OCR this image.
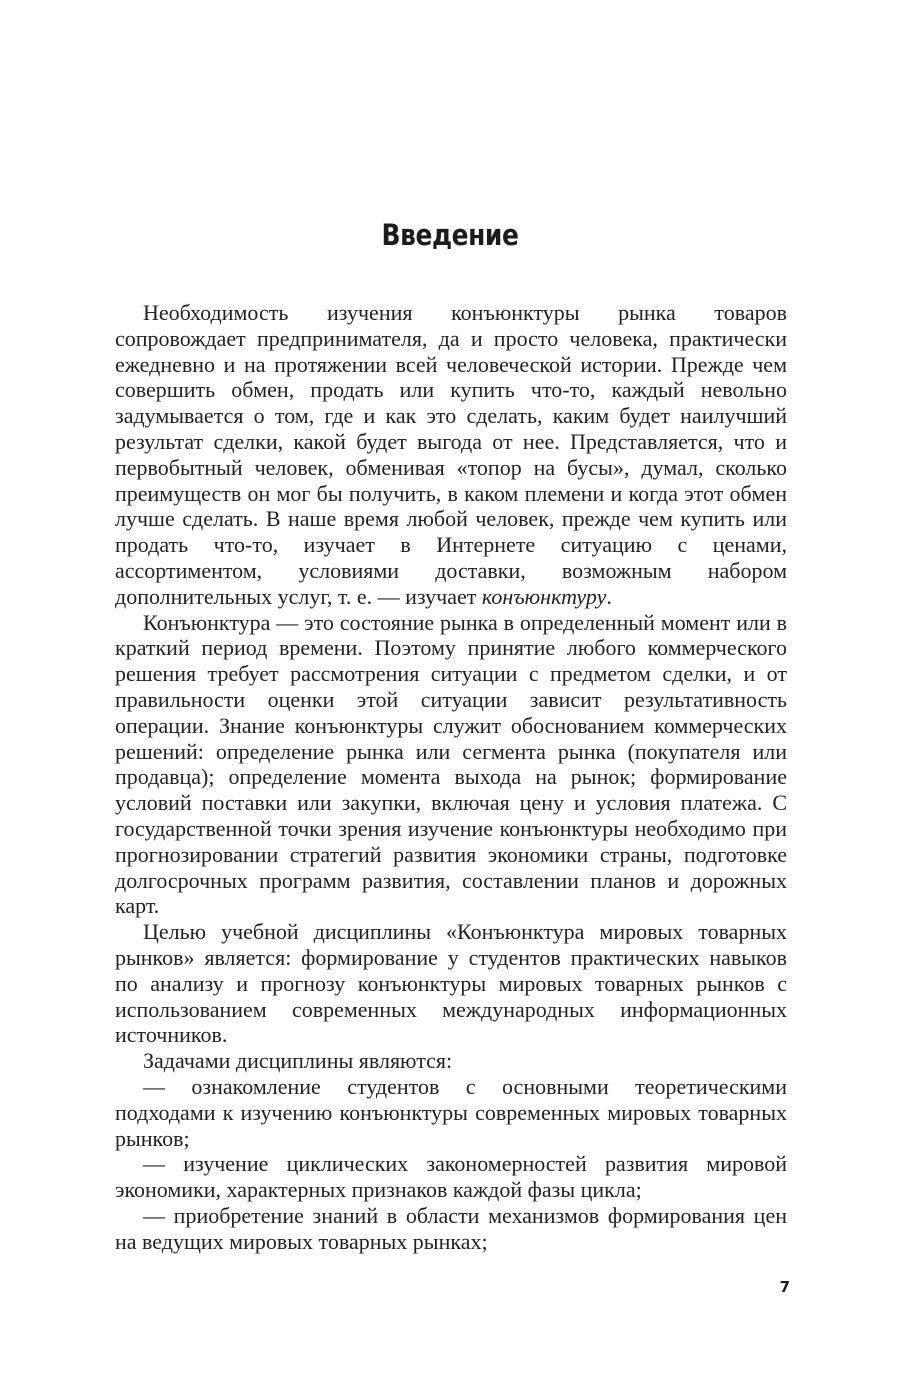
Введение

Необходимость изучения конъюнктуры рынка товаров сопровождает предпринимателя, да и просто человека, практически ежедневно и на протяжении всей человеческой истории. Прежде чем совершить обмен, продать или купить что-то, каждый невольно задумывается о том, где и как это сделать, каким будет наилучший результат сделки, какой будет выгода от нее. Представляется, что и первобытный человек, обменивая «топор на бусы», думал, сколько преимуществ он мог бы получить, в каком племени и когда этот обмен лучше сделать. В наше время любой человек, прежде чем купить или продать что-то, изучает в Интернете ситуацию с ценами, ассортиментом, условиями доставки, возможным набором дополнительных услуг, т. е. — изучает конъюнктуру.

Конъюнктура — это состояние рынка в определенный момент или в краткий период времени. Поэтому принятие любого коммерческого решения требует рассмотрения ситуации с предметом сделки, и от правильности оценки этой ситуации зависит результативность операции. Знание конъюнктуры служит обоснованием коммерческих решений: определение рынка или сегмента рынка (покупателя или продавца); определение момента выхода на рынок; формирование условий поставки или закупки, включая цену и условия платежа. С государственной точки зрения изучение конъюнктуры необходимо при прогнозировании стратегий развития экономики страны, подготовке долгосрочных программ развития, составлении планов и дорожных карт.

Целью учебной дисциплины «Конъюнктура мировых товарных рынков» является: формирование у студентов практических навыков по анализу и прогнозу конъюнктуры мировых товарных рынков с использованием современных международных информационных источников.

Задачами дисциплины являются:

— ознакомление студентов с основными теоретическими подходами к изучению конъюнктуры современных мировых товарных рынков;

— изучение циклических закономерностей развития мировой экономики, характерных признаков каждой фазы цикла;

— приобретение знаний в области механизмов формирования цен на ведущих мировых товарных рынках;

7
